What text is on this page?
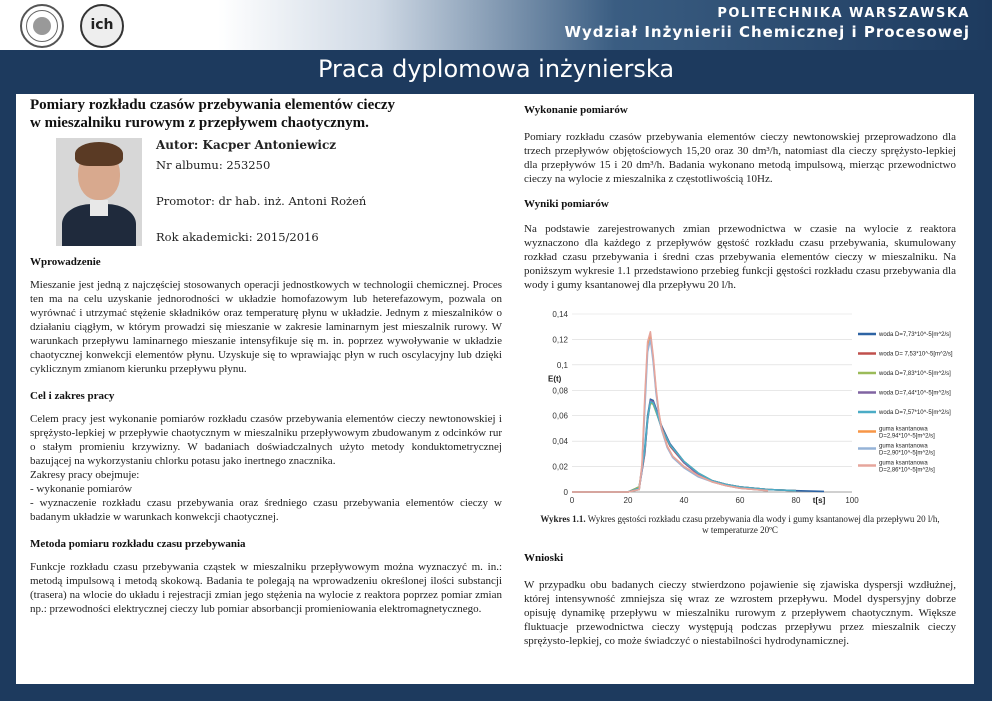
ich
POLITECHNIKA WARSZAWSKA
Wydział Inżynierii Chemicznej i Procesowej
Praca dyplomowa inżynierska
Pomiary rozkładu czasów przebywania elementów cieczy
w mieszalniku rurowym z przepływem chaotycznym.
Autor: Kacper Antoniewicz
Nr albumu: 253250
Promotor: dr hab. inż. Antoni Rożeń
Rok akademicki: 2015/2016
Wprowadzenie
Mieszanie jest jedną z najczęściej stosowanych operacji jednostkowych w technologii chemicznej. Proces ten ma na celu uzyskanie jednorodności w układzie homofazowym lub heterefazowym, pozwala on wyrównać i utrzymać stężenie składników oraz temperaturę płynu w układzie. Jednym z mieszalników o działaniu ciągłym, w którym prowadzi się mieszanie w zakresie laminarnym jest mieszalnik rurowy. W warunkach przepływu laminarnego mieszanie intensyfikuje się m. in. poprzez wywoływanie w układzie chaotycznej konwekcji elementów płynu. Uzyskuje się to wprawiając płyn w ruch oscylacyjny lub dzięki cyklicznym zmianom kierunku przepływu płynu.
Cel i zakres pracy
Celem pracy jest wykonanie pomiarów rozkładu czasów przebywania elementów cieczy newtonowskiej i sprężysto-lepkiej w przepływie chaotycznym w mieszalniku przepływowym zbudowanym z odcinków rur o stałym promieniu krzywizny. W badaniach doświadczalnych użyto metody konduktometrycznej bazującej na wykorzystaniu chlorku potasu jako inertnego znacznika.
Zakresy pracy obejmuje:
- wykonanie pomiarów
- wyznaczenie rozkładu czasu przebywania oraz średniego czasu przebywania elementów cieczy w badanym układzie w warunkach konwekcji chaotycznej.
Metoda pomiaru rozkładu czasu przebywania
Funkcje rozkładu czasu przebywania cząstek w mieszalniku przepływowym można wyznaczyć m. in.: metodą impulsową i metodą skokową. Badania te polegają na wprowadzeniu określonej ilości substancji (trasera) na wlocie do układu i rejestracji zmian jego stężenia na wylocie z reaktora poprzez pomiar zmian np.: przewodności elektrycznej cieczy lub pomiar absorbancji promieniowania elektromagnetycznego.
Wykonanie pomiarów
Pomiary rozkładu czasów przebywania elementów cieczy newtonowskiej przeprowadzono dla trzech przepływów objętościowych 15,20 oraz 30 dm³/h, natomiast dla cieczy sprężysto-lepkiej dla przepływów 15 i 20 dm³/h. Badania wykonano metodą impulsową, mierząc przewodnictwo cieczy na wylocie z mieszalnika z częstotliwością 10Hz.
Wyniki pomiarów
Na podstawie zarejestrowanych zmian przewodnictwa w czasie na wylocie z reaktora wyznaczono dla każdego z przepływów gęstość rozkładu czasu przebywania, skumulowany rozkład czasu przebywania i średni czas przebywania elementów cieczy w mieszalniku. Na poniższym wykresie 1.1 przedstawiono przebieg funkcji gęstości rozkładu czasu przebywania dla wody i gumy ksantanowej dla przepływu 20 l/h.
0
0,02
0,04
0,06
0,08
0,1
0,12
0,14
0	20	40	60	80	100
E(t)
t[s]
woda D=7,73*10^-5[m^2/s]
woda D= 7,53*10^-5[m^2/s]
woda D=7,83*10^-5[m^2/s]
woda D=7,44*10^-5[m^2/s]
woda D=7,57*10^-5[m^2/s]
guma ksantanowa D=2,94*10^-5[m^2/s]
guma ksantanowa D=2,90*10^-5[m^2/s]
guma ksantanowa D=2,86*10^-5[m^2/s]
Wykres 1.1. Wykres gęstości rozkładu czasu przebywania dla wody i gumy ksantanowej dla przepływu 20 l/h,
w temperaturze 20ºC
Wnioski
W przypadku obu badanych cieczy stwierdzono pojawienie się zjawiska dyspersji wzdłużnej, której intensywność zmniejsza się wraz ze wzrostem przepływu. Model dyspersyjny dobrze opisuję dynamikę przepływu w mieszalniku rurowym z przepływem chaotycznym. Większe fluktuacje przewodnictwa cieczy występują podczas przepływu przez mieszalnik cieczy sprężysto-lepkiej, co może świadczyć o niestabilności hydrodynamicznej.
